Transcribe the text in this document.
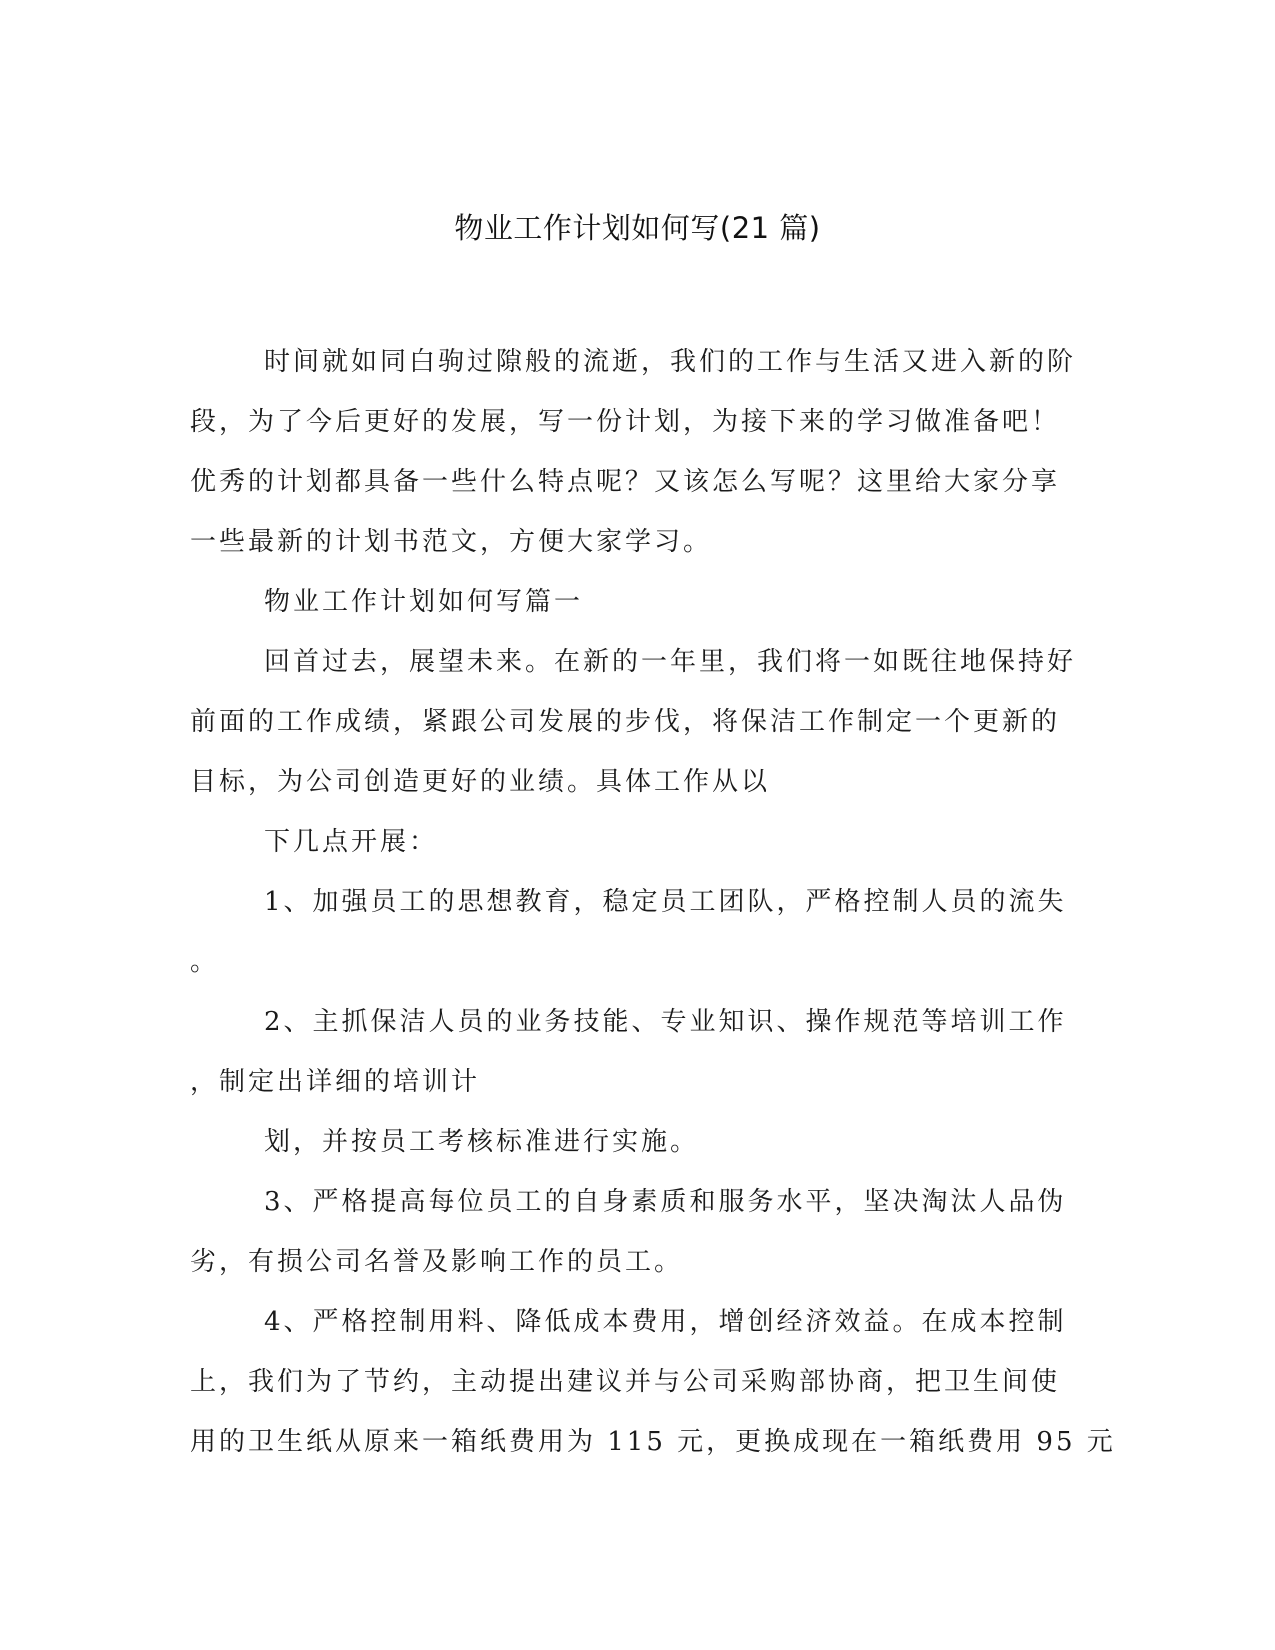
物业工作计划如何写(21 篇)
时间就如同白驹过隙般的流逝，我们的工作与生活又进入新的阶
段，为了今后更好的发展，写一份计划，为接下来的学习做准备吧！
优秀的计划都具备一些什么特点呢？又该怎么写呢？这里给大家分享
一些最新的计划书范文，方便大家学习。
物业工作计划如何写篇一
回首过去，展望未来。在新的一年里，我们将一如既往地保持好
前面的工作成绩，紧跟公司发展的步伐，将保洁工作制定一个更新的
目标，为公司创造更好的业绩。具体工作从以
下几点开展：
1、加强员工的思想教育，稳定员工团队，严格控制人员的流失
。
2、主抓保洁人员的业务技能、专业知识、操作规范等培训工作
，制定出详细的培训计
划，并按员工考核标准进行实施。
3、严格提高每位员工的自身素质和服务水平，坚决淘汰人品伪
劣，有损公司名誉及影响工作的员工。
4、严格控制用料、降低成本费用，增创经济效益。在成本控制
上，我们为了节约，主动提出建议并与公司采购部协商，把卫生间使
用的卫生纸从原来一箱纸费用为 115 元，更换成现在一箱纸费用 95 元
